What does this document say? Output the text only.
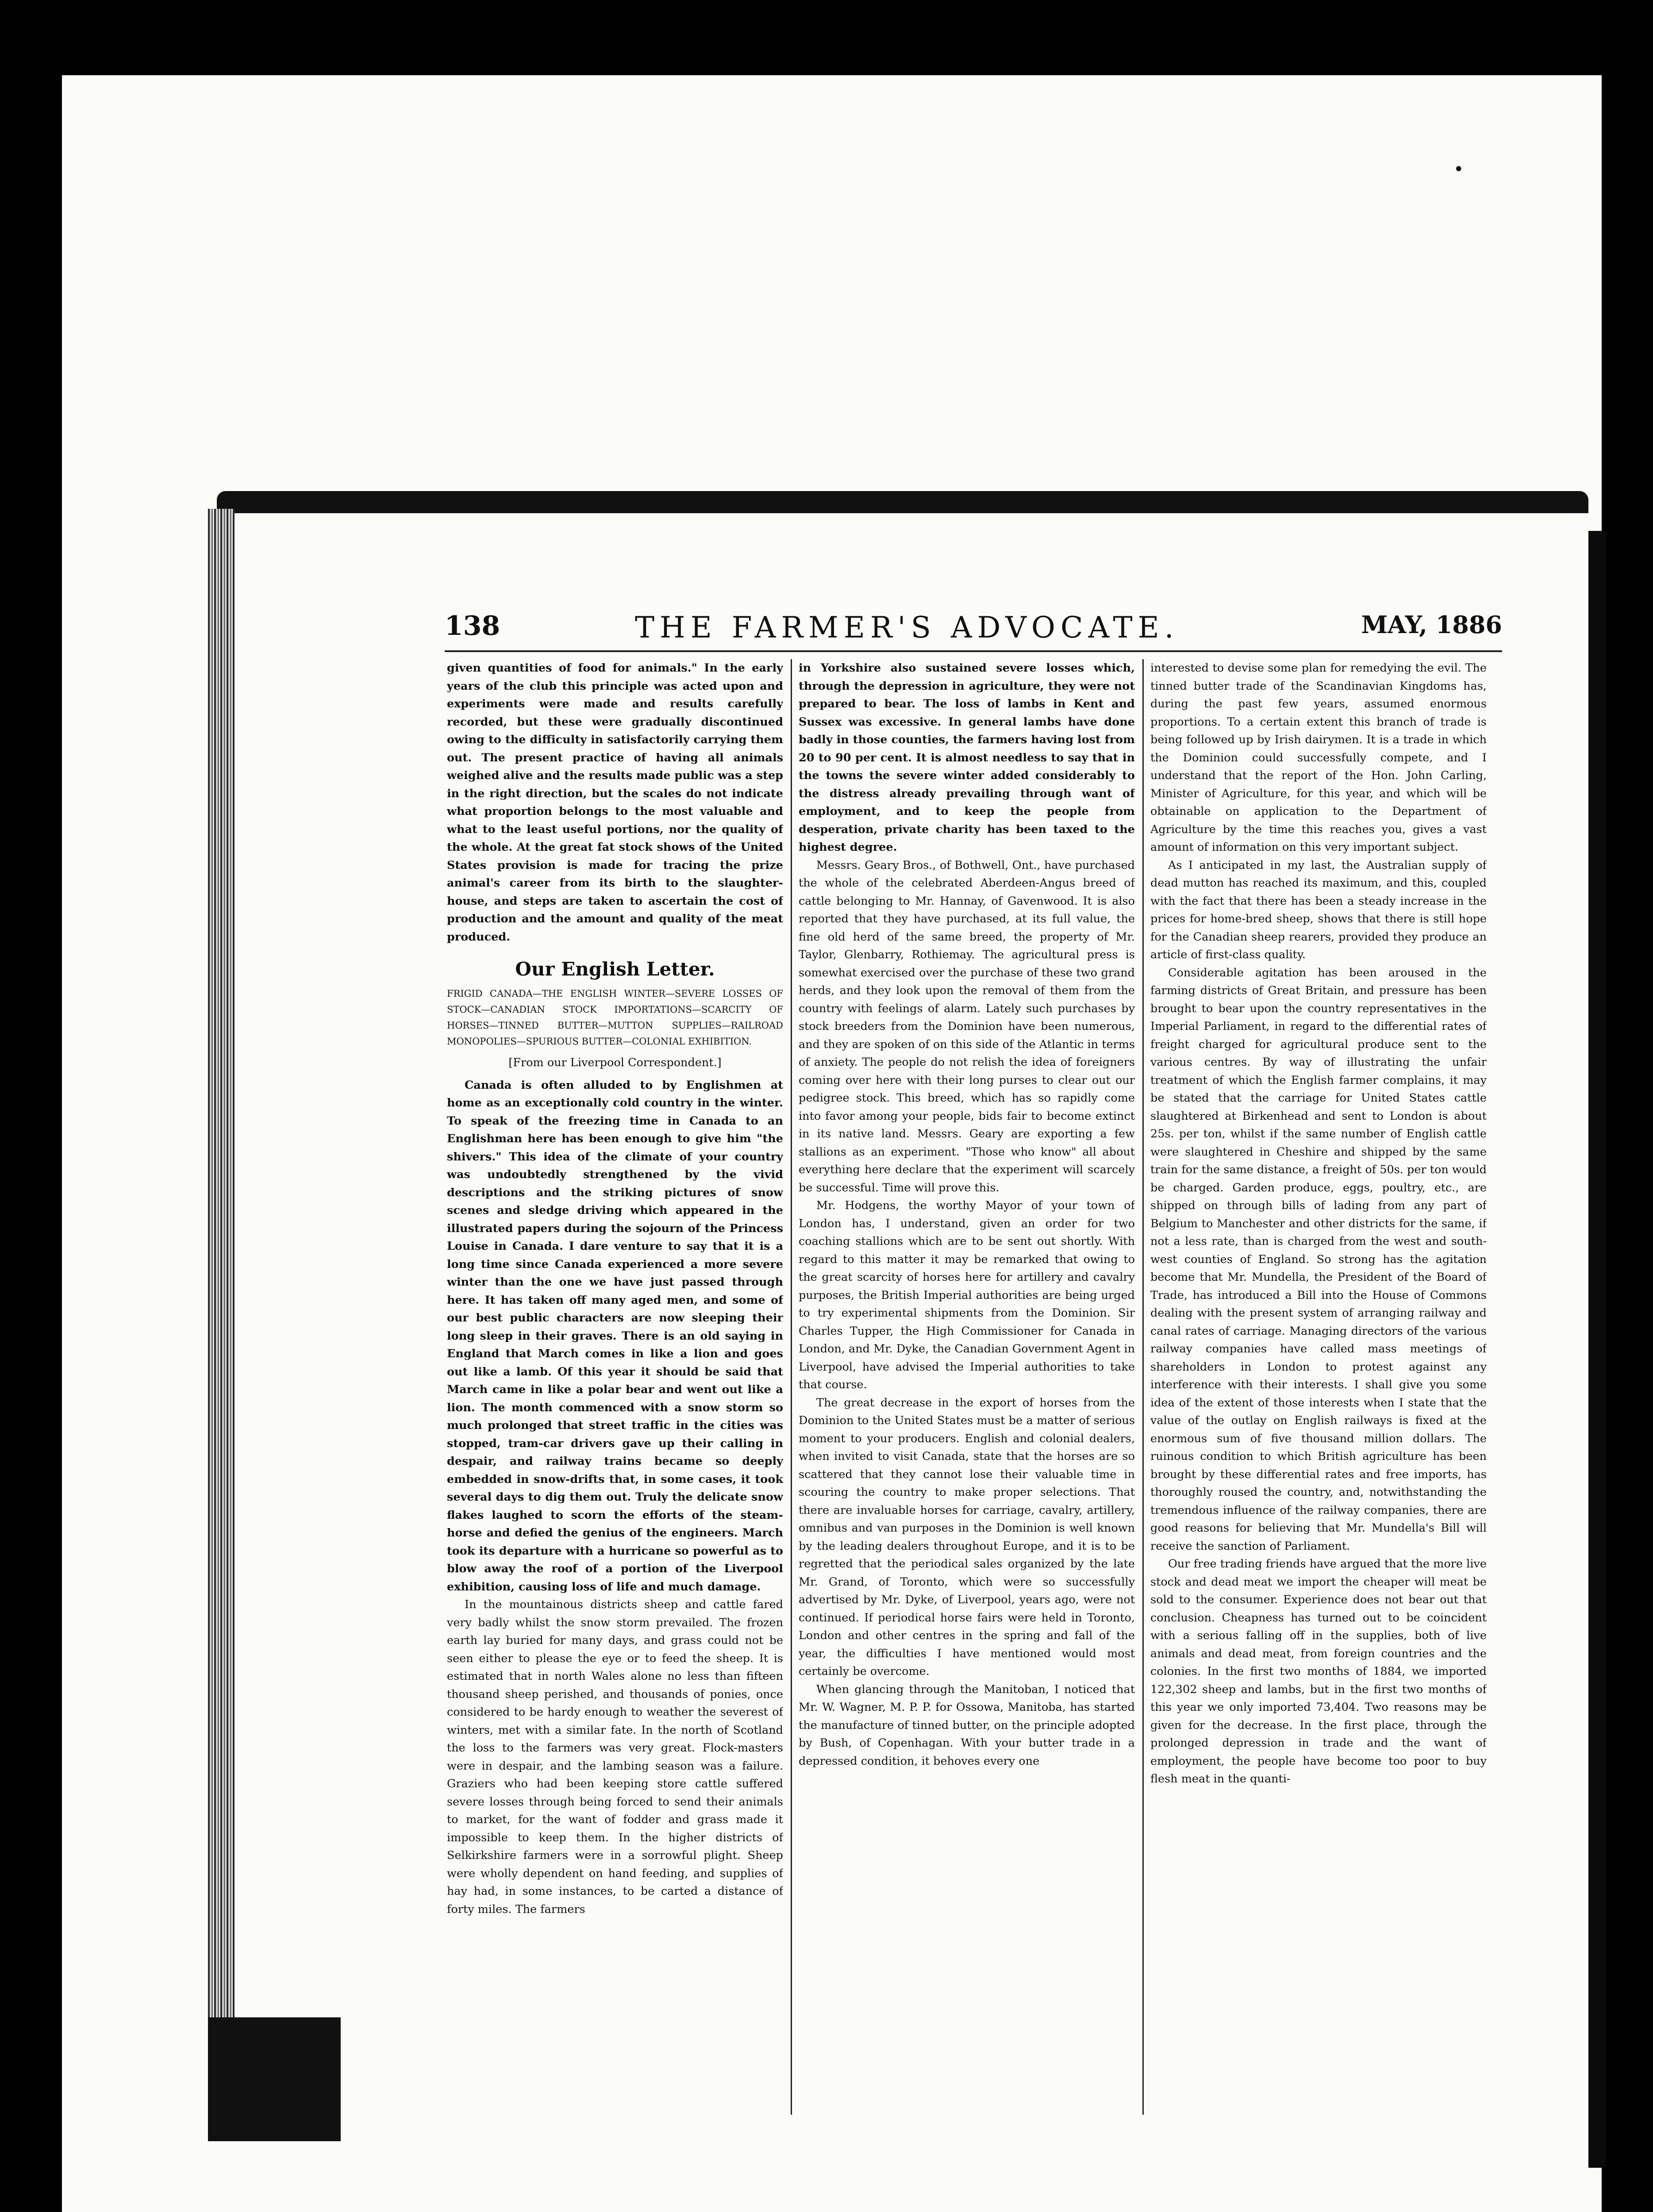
138	THE FARMER'S ADVOCATE.	MAY, 1886

given quantities of food for animals." In the early years of the club this principle was acted upon and experiments were made and results carefully recorded, but these were gradually discontinued owing to the difficulty in satisfactorily carrying them out. The present practice of having all animals weighed alive and the results made public was a step in the right direction, but the scales do not indicate what proportion belongs to the most valuable and what to the least useful portions, nor the quality of the whole. At the great fat stock shows of the United States provision is made for tracing the prize animal's career from its birth to the slaughter-house, and steps are taken to ascertain the cost of production and the amount and quality of the meat produced.

Our English Letter.
FRIGID CANADA—THE ENGLISH WINTER—SEVERE LOSSES OF STOCK—CANADIAN STOCK IMPORTATIONS—SCARCITY OF HORSES—TINNED BUTTER—MUTTON SUPPLIES—RAILROAD MONOPOLIES—SPURIOUS BUTTER—COLONIAL EXHIBITION.
[From our Liverpool Correspondent.]

Canada is often alluded to by Englishmen at home as an exceptionally cold country in the winter. To speak of the freezing time in Canada to an Englishman here has been enough to give him "the shivers." This idea of the climate of your country was undoubtedly strengthened by the vivid descriptions and the striking pictures of snow scenes and sledge driving which appeared in the illustrated papers during the sojourn of the Princess Louise in Canada. I dare venture to say that it is a long time since Canada experienced a more severe winter than the one we have just passed through here. It has taken off many aged men, and some of our best public characters are now sleeping their long sleep in their graves. There is an old saying in England that March comes in like a lion and goes out like a lamb. Of this year it should be said that March came in like a polar bear and went out like a lion. The month commenced with a snow storm so much prolonged that street traffic in the cities was stopped, tram-car drivers gave up their calling in despair, and railway trains became so deeply embedded in snow-drifts that, in some cases, it took several days to dig them out. Truly the delicate snow flakes laughed to scorn the efforts of the steam-horse and defied the genius of the engineers. March took its departure with a hurricane so powerful as to blow away the roof of a portion of the Liverpool exhibition, causing loss of life and much damage.

In the mountainous districts sheep and cattle fared very badly whilst the snow storm prevailed. The frozen earth lay buried for many days, and grass could not be seen either to please the eye or to feed the sheep. It is estimated that in north Wales alone no less than fifteen thousand sheep perished, and thousands of ponies, once considered to be hardy enough to weather the severest of winters, met with a similar fate. In the north of Scotland the loss to the farmers was very great. Flock-masters were in despair, and the lambing season was a failure. Graziers who had been keeping store cattle suffered severe losses through being forced to send their animals to market, for the want of fodder and grass made it impossible to keep them. In the higher districts of Selkirkshire farmers were in a sorrowful plight. Sheep were wholly dependent on hand feeding, and supplies of hay had, in some instances, to be carted a distance of forty miles. The farmers

in Yorkshire also sustained severe losses which, through the depression in agriculture, they were not prepared to bear. The loss of lambs in Kent and Sussex was excessive. In general lambs have done badly in those counties, the farmers having lost from 20 to 90 per cent. It is almost needless to say that in the towns the severe winter added considerably to the distress already prevailing through want of employment, and to keep the people from desperation, private charity has been taxed to the highest degree.

Messrs. Geary Bros., of Bothwell, Ont., have purchased the whole of the celebrated Aberdeen-Angus breed of cattle belonging to Mr. Hannay, of Gavenwood. It is also reported that they have purchased, at its full value, the fine old herd of the same breed, the property of Mr. Taylor, Glenbarry, Rothiemay. The agricultural press is somewhat exercised over the purchase of these two grand herds, and they look upon the removal of them from the country with feelings of alarm. Lately such purchases by stock breeders from the Dominion have been numerous, and they are spoken of on this side of the Atlantic in terms of anxiety. The people do not relish the idea of foreigners coming over here with their long purses to clear out our pedigree stock. This breed, which has so rapidly come into favor among your people, bids fair to become extinct in its native land. Messrs. Geary are exporting a few stallions as an experiment. "Those who know" all about everything here declare that the experiment will scarcely be successful. Time will prove this.

Mr. Hodgens, the worthy Mayor of your town of London has, I understand, given an order for two coaching stallions which are to be sent out shortly. With regard to this matter it may be remarked that owing to the great scarcity of horses here for artillery and cavalry purposes, the British Imperial authorities are being urged to try experimental shipments from the Dominion. Sir Charles Tupper, the High Commissioner for Canada in London, and Mr. Dyke, the Canadian Government Agent in Liverpool, have advised the Imperial authorities to take that course.

The great decrease in the export of horses from the Dominion to the United States must be a matter of serious moment to your producers. English and colonial dealers, when invited to visit Canada, state that the horses are so scattered that they cannot lose their valuable time in scouring the country to make proper selections. That there are invaluable horses for carriage, cavalry, artillery, omnibus and van purposes in the Dominion is well known by the leading dealers throughout Europe, and it is to be regretted that the periodical sales organized by the late Mr. Grand, of Toronto, which were so successfully advertised by Mr. Dyke, of Liverpool, years ago, were not continued. If periodical horse fairs were held in Toronto, London and other centres in the spring and fall of the year, the difficulties I have mentioned would most certainly be overcome.

When glancing through the Manitoban, I noticed that Mr. W. Wagner, M. P. P. for Ossowa, Manitoba, has started the manufacture of tinned butter, on the principle adopted by Bush, of Copenhagan. With your butter trade in a depressed condition, it behoves every one

interested to devise some plan for remedying the evil. The tinned butter trade of the Scandinavian Kingdoms has, during the past few years, assumed enormous proportions. To a certain extent this branch of trade is being followed up by Irish dairymen. It is a trade in which the Dominion could successfully compete, and I understand that the report of the Hon. John Carling, Minister of Agriculture, for this year, and which will be obtainable on application to the Department of Agriculture by the time this reaches you, gives a vast amount of information on this very important subject.

As I anticipated in my last, the Australian supply of dead mutton has reached its maximum, and this, coupled with the fact that there has been a steady increase in the prices for home-bred sheep, shows that there is still hope for the Canadian sheep rearers, provided they produce an article of first-class quality.

Considerable agitation has been aroused in the farming districts of Great Britain, and pressure has been brought to bear upon the country representatives in the Imperial Parliament, in regard to the differential rates of freight charged for agricultural produce sent to the various centres. By way of illustrating the unfair treatment of which the English farmer complains, it may be stated that the carriage for United States cattle slaughtered at Birkenhead and sent to London is about 25s. per ton, whilst if the same number of English cattle were slaughtered in Cheshire and shipped by the same train for the same distance, a freight of 50s. per ton would be charged. Garden produce, eggs, poultry, etc., are shipped on through bills of lading from any part of Belgium to Manchester and other districts for the same, if not a less rate, than is charged from the west and south-west counties of England. So strong has the agitation become that Mr. Mundella, the President of the Board of Trade, has introduced a Bill into the House of Commons dealing with the present system of arranging railway and canal rates of carriage. Managing directors of the various railway companies have called mass meetings of shareholders in London to protest against any interference with their interests. I shall give you some idea of the extent of those interests when I state that the value of the outlay on English railways is fixed at the enormous sum of five thousand million dollars. The ruinous condition to which British agriculture has been brought by these differential rates and free imports, has thoroughly roused the country, and, notwithstanding the tremendous influence of the railway companies, there are good reasons for believing that Mr. Mundella's Bill will receive the sanction of Parliament.

Our free trading friends have argued that the more live stock and dead meat we import the cheaper will meat be sold to the consumer. Experience does not bear out that conclusion. Cheapness has turned out to be coincident with a serious falling off in the supplies, both of live animals and dead meat, from foreign countries and the colonies. In the first two months of 1884, we imported 122,302 sheep and lambs, but in the first two months of this year we only imported 73,404. Two reasons may be given for the decrease. In the first place, through the prolonged depression in trade and the want of employment, the people have become too poor to buy flesh meat in the quanti-

•
